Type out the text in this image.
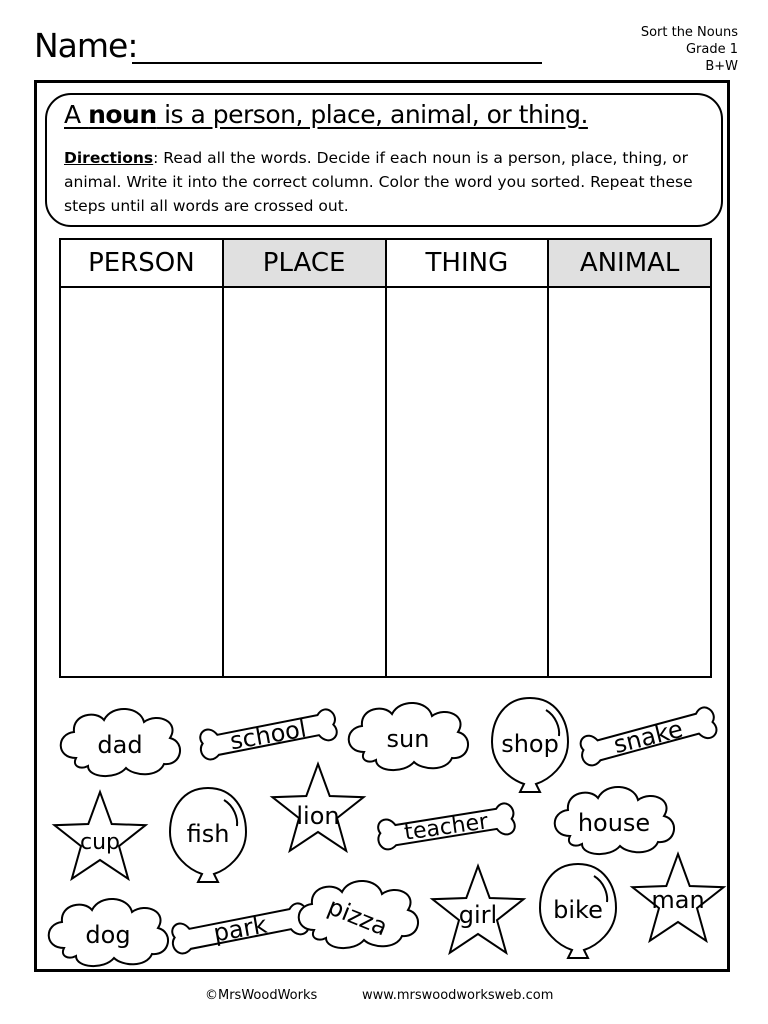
Name:	Sort the Nouns
Grade 1
B+W
A noun is a person, place, animal, or thing.
Directions: Read all the words. Decide if each noun is a person, place, thing, or animal. Write it into the correct column. Color the word you sorted. Repeat these steps until all words are crossed out.
PERSON	PLACE	THING	ANIMAL

dad	school	sun	shop snake
cup	fish
lion	teacher	house
dog	park pizza	girl bike man
©MrsWoodWorks	www.mrswoodworksweb.com
